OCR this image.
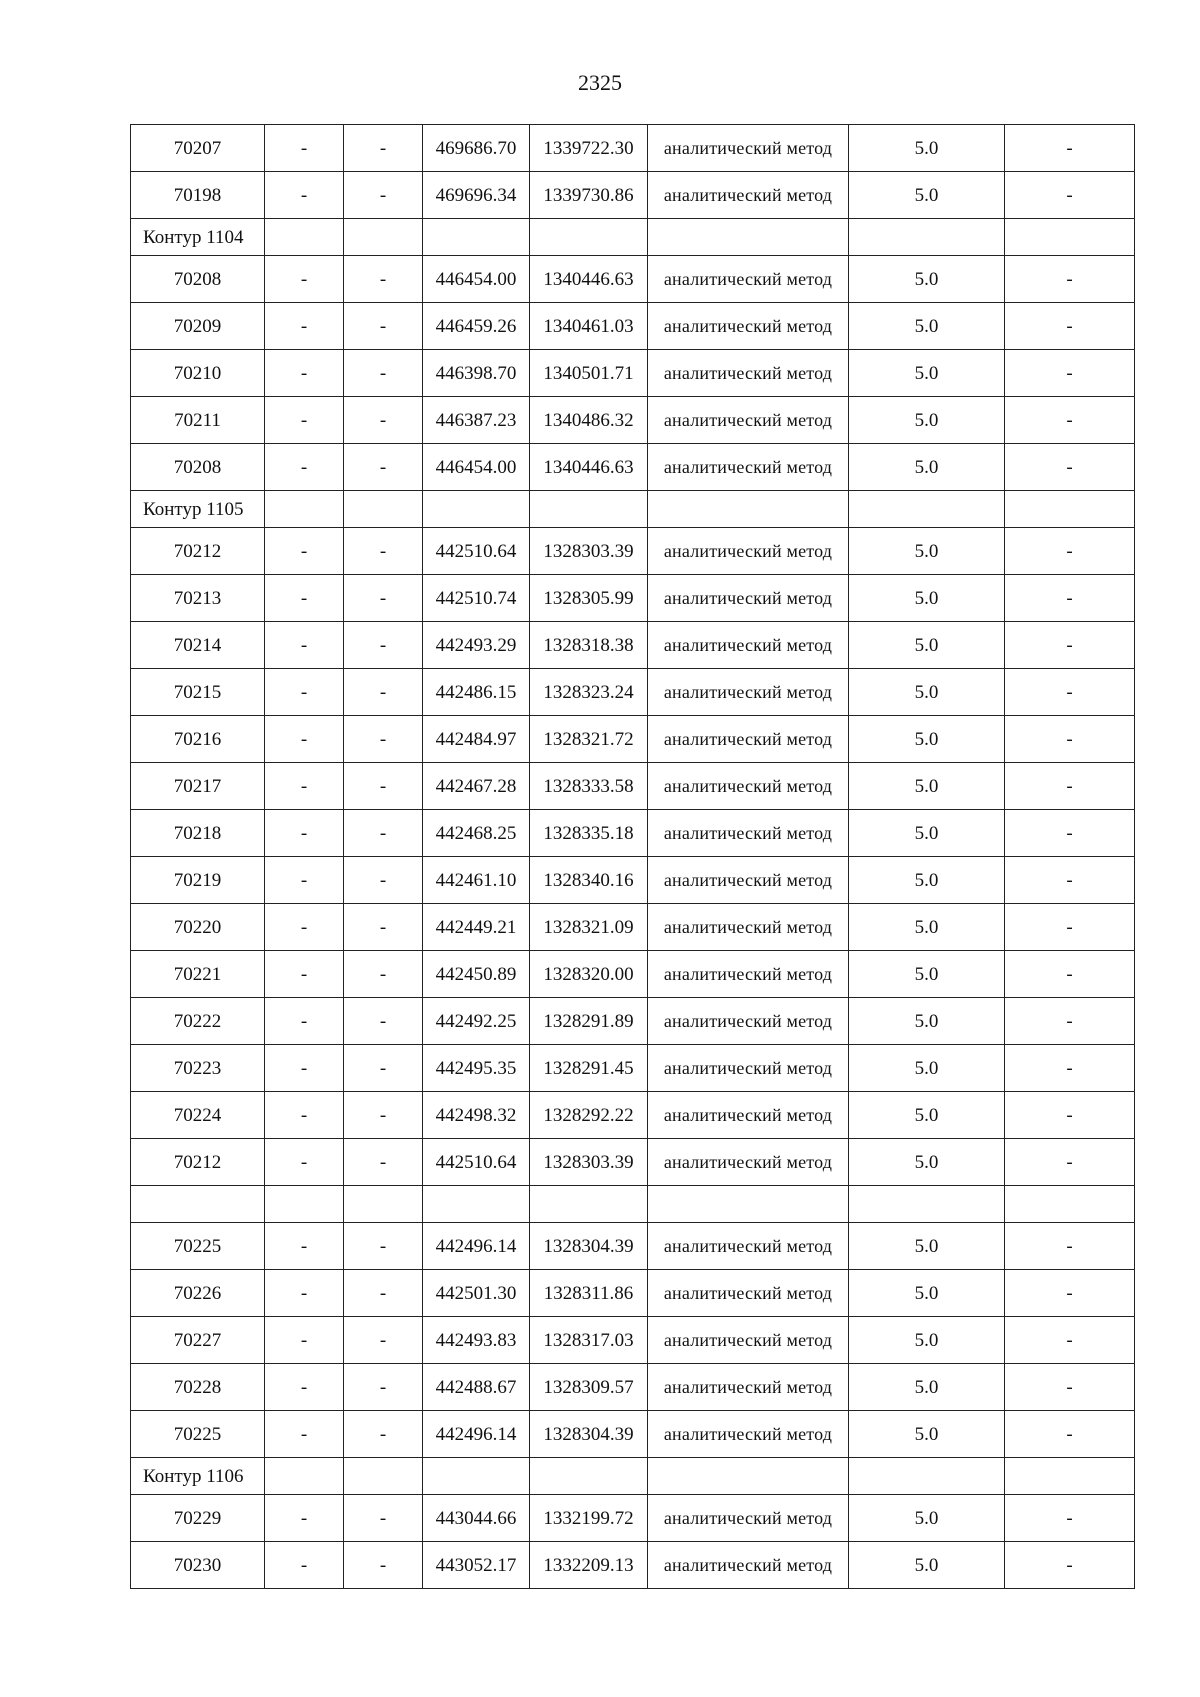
2325
70207	-	-	469686.70	1339722.30	аналитический метод	5.0	-
70198	-	-	469696.34	1339730.86	аналитический метод	5.0	-
Контур 1104							
70208	-	-	446454.00	1340446.63	аналитический метод	5.0	-
70209	-	-	446459.26	1340461.03	аналитический метод	5.0	-
70210	-	-	446398.70	1340501.71	аналитический метод	5.0	-
70211	-	-	446387.23	1340486.32	аналитический метод	5.0	-
70208	-	-	446454.00	1340446.63	аналитический метод	5.0	-
Контур 1105							
70212	-	-	442510.64	1328303.39	аналитический метод	5.0	-
70213	-	-	442510.74	1328305.99	аналитический метод	5.0	-
70214	-	-	442493.29	1328318.38	аналитический метод	5.0	-
70215	-	-	442486.15	1328323.24	аналитический метод	5.0	-
70216	-	-	442484.97	1328321.72	аналитический метод	5.0	-
70217	-	-	442467.28	1328333.58	аналитический метод	5.0	-
70218	-	-	442468.25	1328335.18	аналитический метод	5.0	-
70219	-	-	442461.10	1328340.16	аналитический метод	5.0	-
70220	-	-	442449.21	1328321.09	аналитический метод	5.0	-
70221	-	-	442450.89	1328320.00	аналитический метод	5.0	-
70222	-	-	442492.25	1328291.89	аналитический метод	5.0	-
70223	-	-	442495.35	1328291.45	аналитический метод	5.0	-
70224	-	-	442498.32	1328292.22	аналитический метод	5.0	-
70212	-	-	442510.64	1328303.39	аналитический метод	5.0	-

70225	-	-	442496.14	1328304.39	аналитический метод	5.0	-
70226	-	-	442501.30	1328311.86	аналитический метод	5.0	-
70227	-	-	442493.83	1328317.03	аналитический метод	5.0	-
70228	-	-	442488.67	1328309.57	аналитический метод	5.0	-
70225	-	-	442496.14	1328304.39	аналитический метод	5.0	-
Контур 1106							
70229	-	-	443044.66	1332199.72	аналитический метод	5.0	-
70230	-	-	443052.17	1332209.13	аналитический метод	5.0	-
